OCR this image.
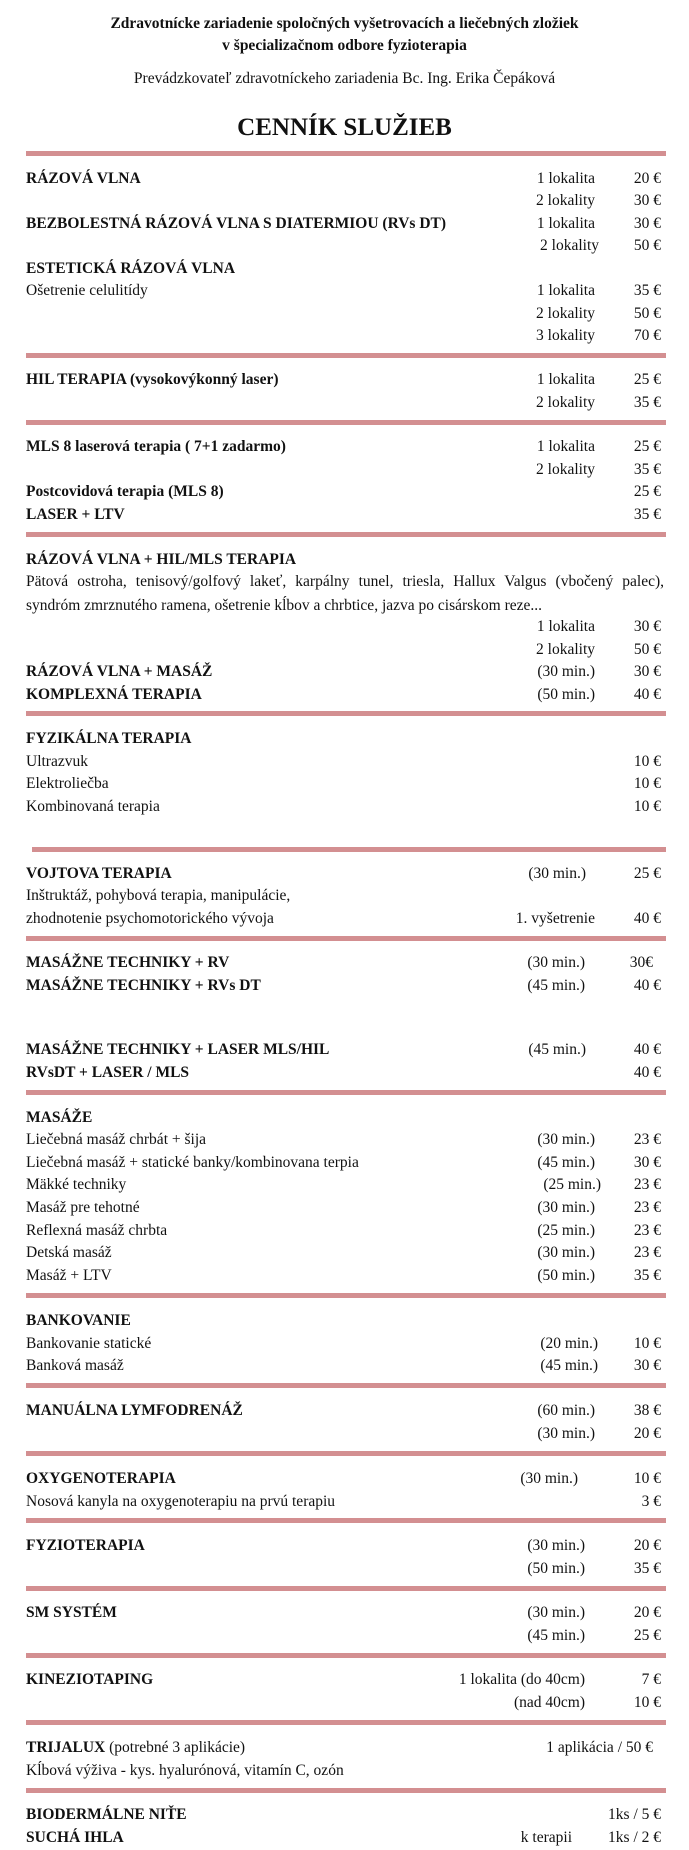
Zdravotnícke zariadenie spoločných vyšetrovacích a liečebných zložiek
v špecializačnom odbore fyzioterapia
Prevádzkovateľ zdravotníckeho zariadenia Bc. Ing. Erika Čepáková
CENNÍK SLUŽIEB
RÁZOVÁ VLNA	1 lokalita	20 €
2 lokality	30 €
BEZBOLESTNÁ RÁZOVÁ VLNA S DIATERMIOU (RVs DT)	1 lokalita	30 €
2 lokality 50 €
ESTETICKÁ RÁZOVÁ VLNA
Ošetrenie celulitídy	1 lokalita	35 €
2 lokality	50 €
3 lokality	70 €
HIL TERAPIA (vysokovýkonný laser)	1 lokalita	25 €
2 lokality	35 €
MLS 8 laserová terapia ( 7+1 zadarmo)	1 lokalita	25 €
2 lokality	35 €
Postcovidová terapia (MLS 8)	25 €
LASER + LTV	35 €
RÁZOVÁ VLNA + HIL/MLS TERAPIA
Pätová ostroha, tenisový/golfový lakeť, karpálny tunel, triesla, Hallux Valgus (vbočený palec), syndróm zmrznutého ramena, ošetrenie kĺbov a chrbtice, jazva po cisárskom reze...
1 lokalita	30 €
2 lokality	50 €
RÁZOVÁ VLNA + MASÁŽ	(30 min.)	30 €
KOMPLEXNÁ TERAPIA	(50 min.)	40 €
FYZIKÁLNA TERAPIA
Ultrazvuk	10 €
Elektroliečba	10 €
Kombinovaná terapia	10 €
VOJTOVA TERAPIA	(30 min.)	25 €
Inštruktáž, pohybová terapia, manipulácie,
zhodnotenie psychomotorického vývoja	1. vyšetrenie	40 €
MASÁŽNE TECHNIKY + RV	(30 min.)	30€
MASÁŽNE TECHNIKY + RVs DT	(45 min.)	40 €
MASÁŽNE TECHNIKY + LASER MLS/HIL	(45 min.)	40 €
RVsDT + LASER / MLS	40 €
MASÁŽE
Liečebná masáž chrbát + šija	(30 min.)	23 €
Liečebná masáž + statické banky/kombinovana terpia	(45 min.)	30 €
Mäkké techniky	(25 min.) 23 €
Masáž pre tehotné	(30 min.)	23 €
Reflexná masáž chrbta	(25 min.)	23 €
Detská masáž	(30 min.)	23 €
Masáž + LTV	(50 min.)	35 €
BANKOVANIE
Bankovanie statické	(20 min.) 10 €
Banková masáž	(45 min.) 30 €
MANUÁLNA LYMFODRENÁŽ	(60 min.)	38 €
(30 min.)	20 €
OXYGENOTERAPIA	(30 min.)	10 €
Nosová kanyla na oxygenoterapiu na prvú terapiu	3 €
FYZIOTERAPIA	(30 min.)	20 €
(50 min.)	35 €
SM SYSTÉM	(30 min.)	20 €
(45 min.)	25 €
KINEZIOTAPING	1 lokalita (do 40cm)	7 €
(nad 40cm)	10 €
TRIJALUX (potrebné 3 aplikácie)	1 aplikácia / 50 €
Kĺbová výživa - kys. hyalurónová, vitamín C, ozón
BIODERMÁLNE NIŤE	1ks / 5 €
SUCHÁ IHLA	k terapii 1ks / 2 €
